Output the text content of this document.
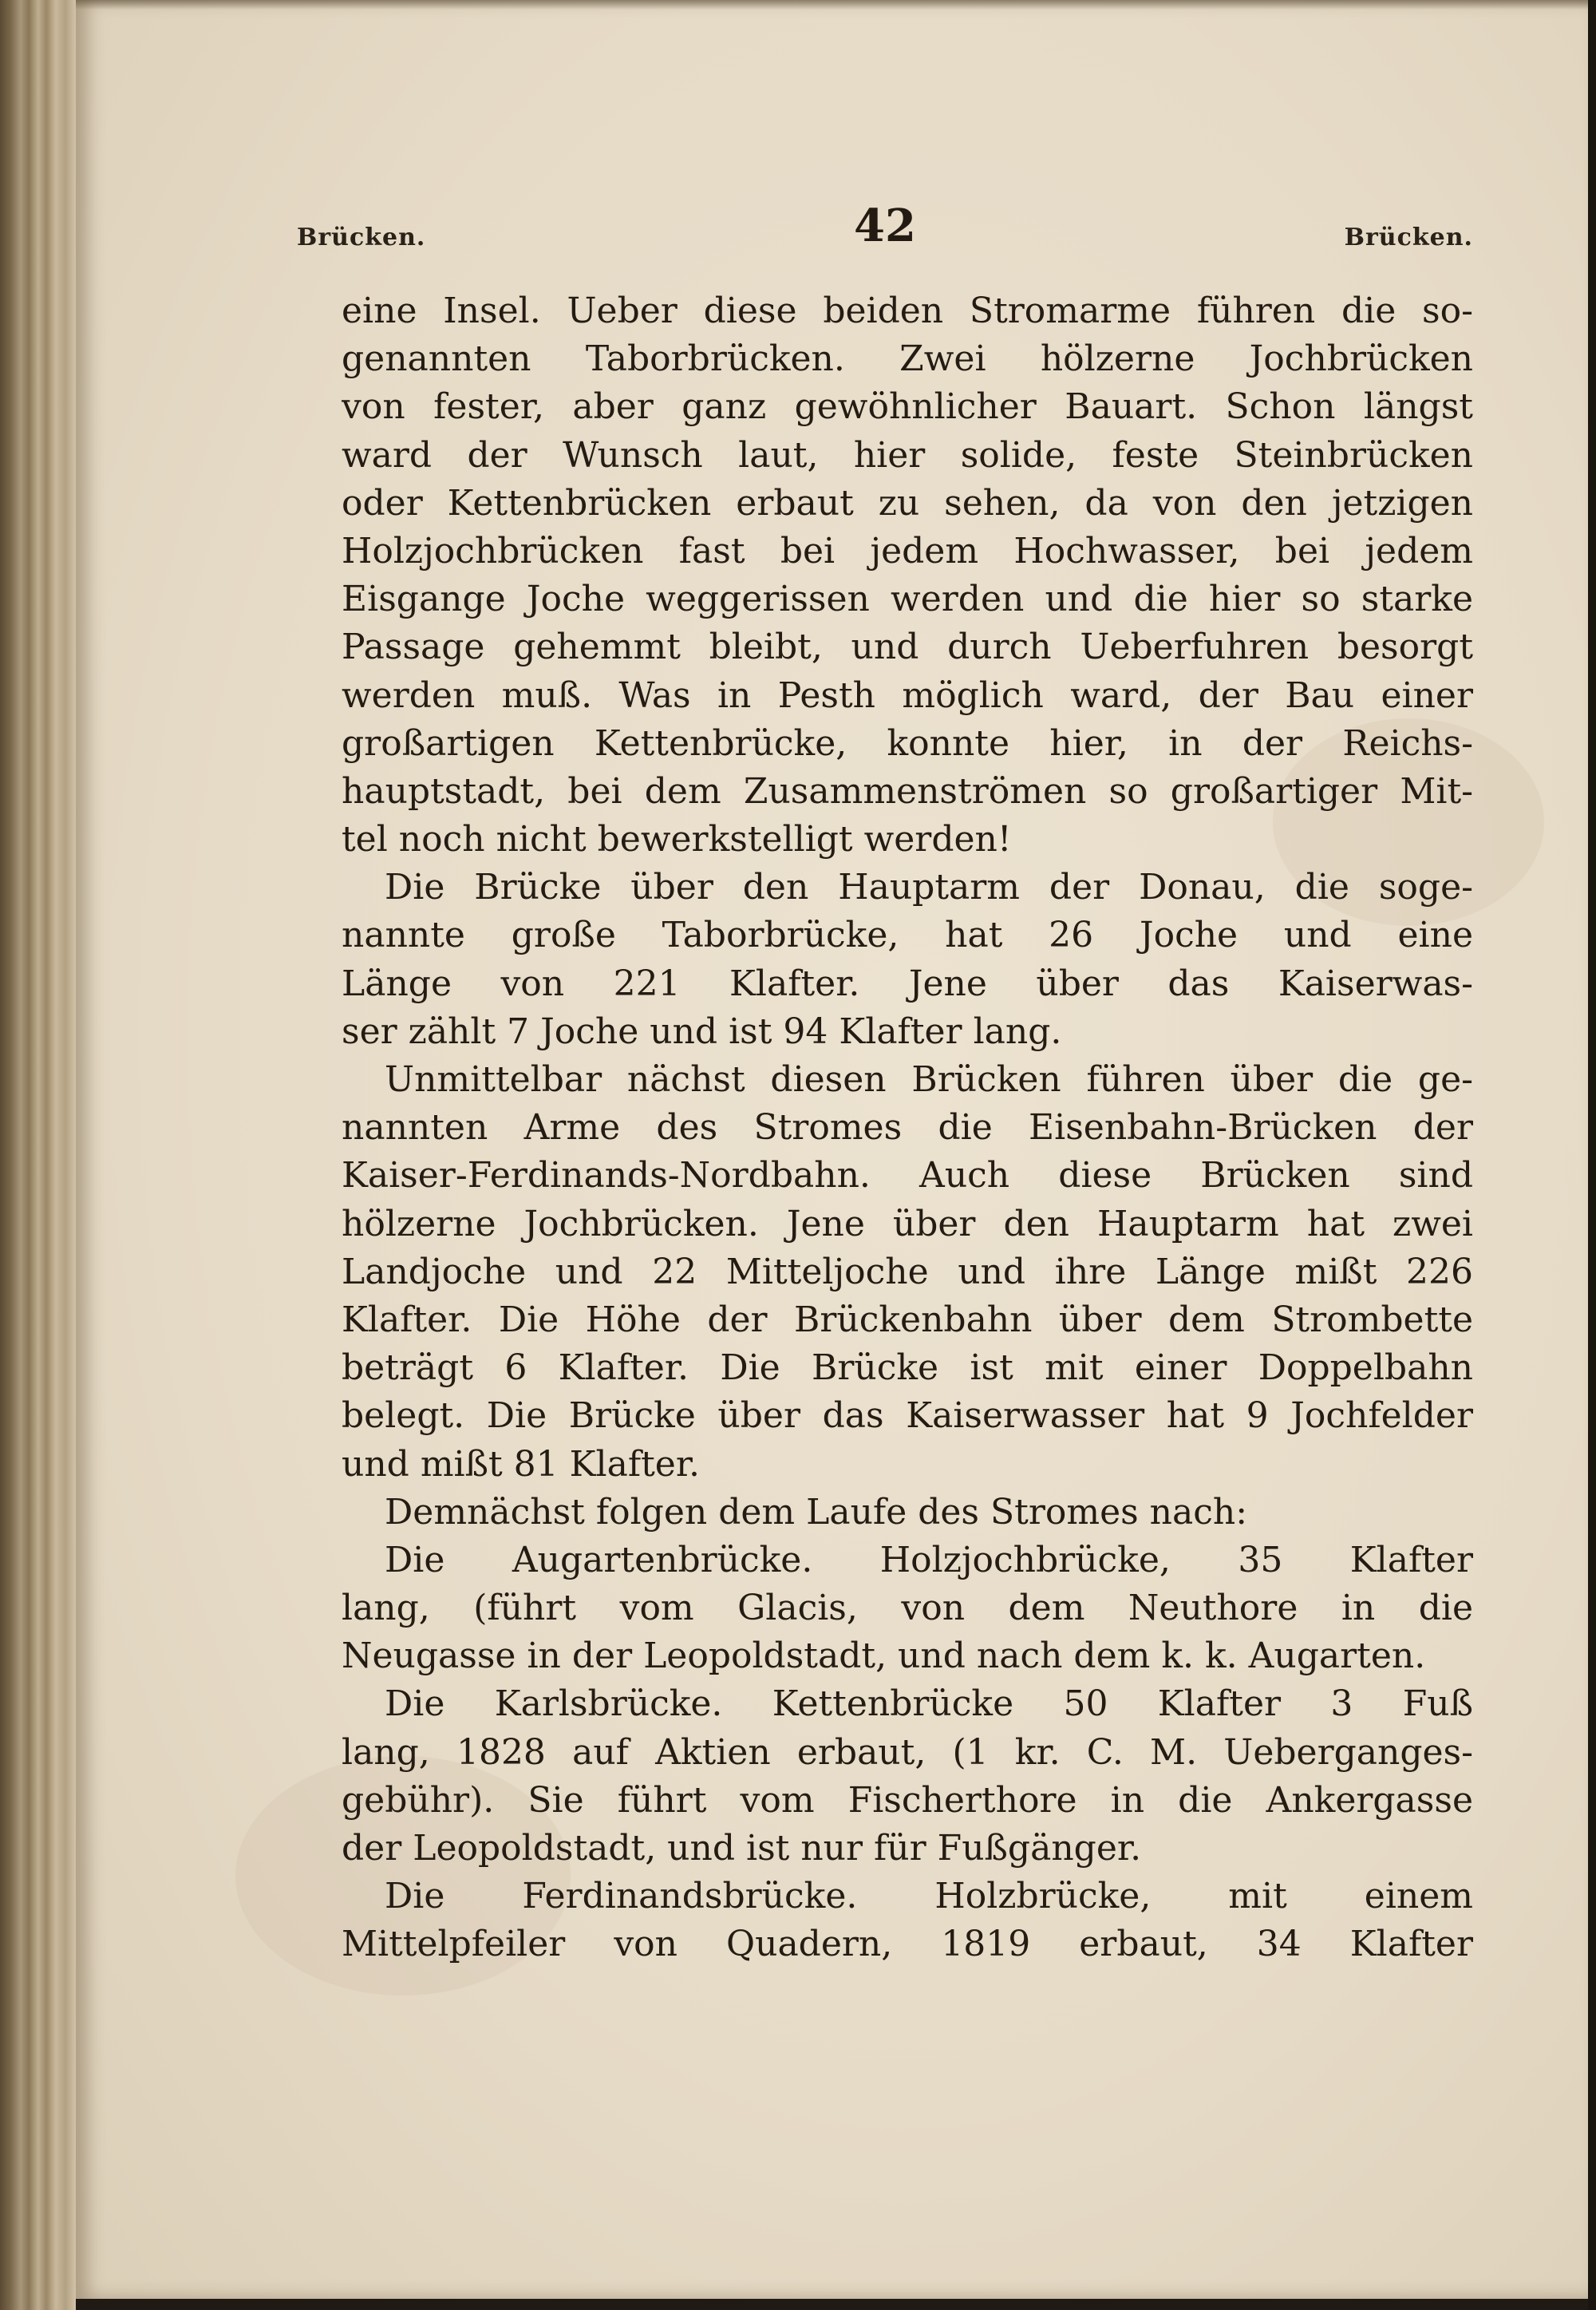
Brücken.	42	Brücken.
eine Insel. Ueber diese beiden Stromarme führen die so-
genannten Taborbrücken. Zwei hölzerne Jochbrücken
von fester, aber ganz gewöhnlicher Bauart. Schon längst
ward der Wunsch laut, hier solide, feste Steinbrücken
oder Kettenbrücken erbaut zu sehen, da von den jetzigen
Holzjochbrücken fast bei jedem Hochwasser, bei jedem
Eisgange Joche weggerissen werden und die hier so starke
Passage gehemmt bleibt, und durch Ueberfuhren besorgt
werden muß. Was in Pesth möglich ward, der Bau einer
großartigen Kettenbrücke, konnte hier, in der Reichs-
hauptstadt, bei dem Zusammenströmen so großartiger Mit-
tel noch nicht bewerkstelligt werden!
Die Brücke über den Hauptarm der Donau, die soge-
nannte große Taborbrücke, hat 26 Joche und eine
Länge von 221 Klafter. Jene über das Kaiserwas-
ser zählt 7 Joche und ist 94 Klafter lang.
Unmittelbar nächst diesen Brücken führen über die ge-
nannten Arme des Stromes die Eisenbahn-Brücken der
Kaiser-Ferdinands-Nordbahn. Auch diese Brücken sind
hölzerne Jochbrücken. Jene über den Hauptarm hat zwei
Landjoche und 22 Mitteljoche und ihre Länge mißt 226
Klafter. Die Höhe der Brückenbahn über dem Strombette
beträgt 6 Klafter. Die Brücke ist mit einer Doppelbahn
belegt. Die Brücke über das Kaiserwasser hat 9 Jochfelder
und mißt 81 Klafter.
Demnächst folgen dem Laufe des Stromes nach:
Die Augartenbrücke. Holzjochbrücke, 35 Klafter
lang, (führt vom Glacis, von dem Neuthore in die
Neugasse in der Leopoldstadt, und nach dem k. k. Augarten.
Die Karlsbrücke. Kettenbrücke 50 Klafter 3 Fuß
lang, 1828 auf Aktien erbaut, (1 kr. C. M. Ueberganges-
gebühr). Sie führt vom Fischerthore in die Ankergasse
der Leopoldstadt, und ist nur für Fußgänger.
Die Ferdinandsbrücke. Holzbrücke, mit einem
Mittelpfeiler von Quadern, 1819 erbaut, 34 Klafter
